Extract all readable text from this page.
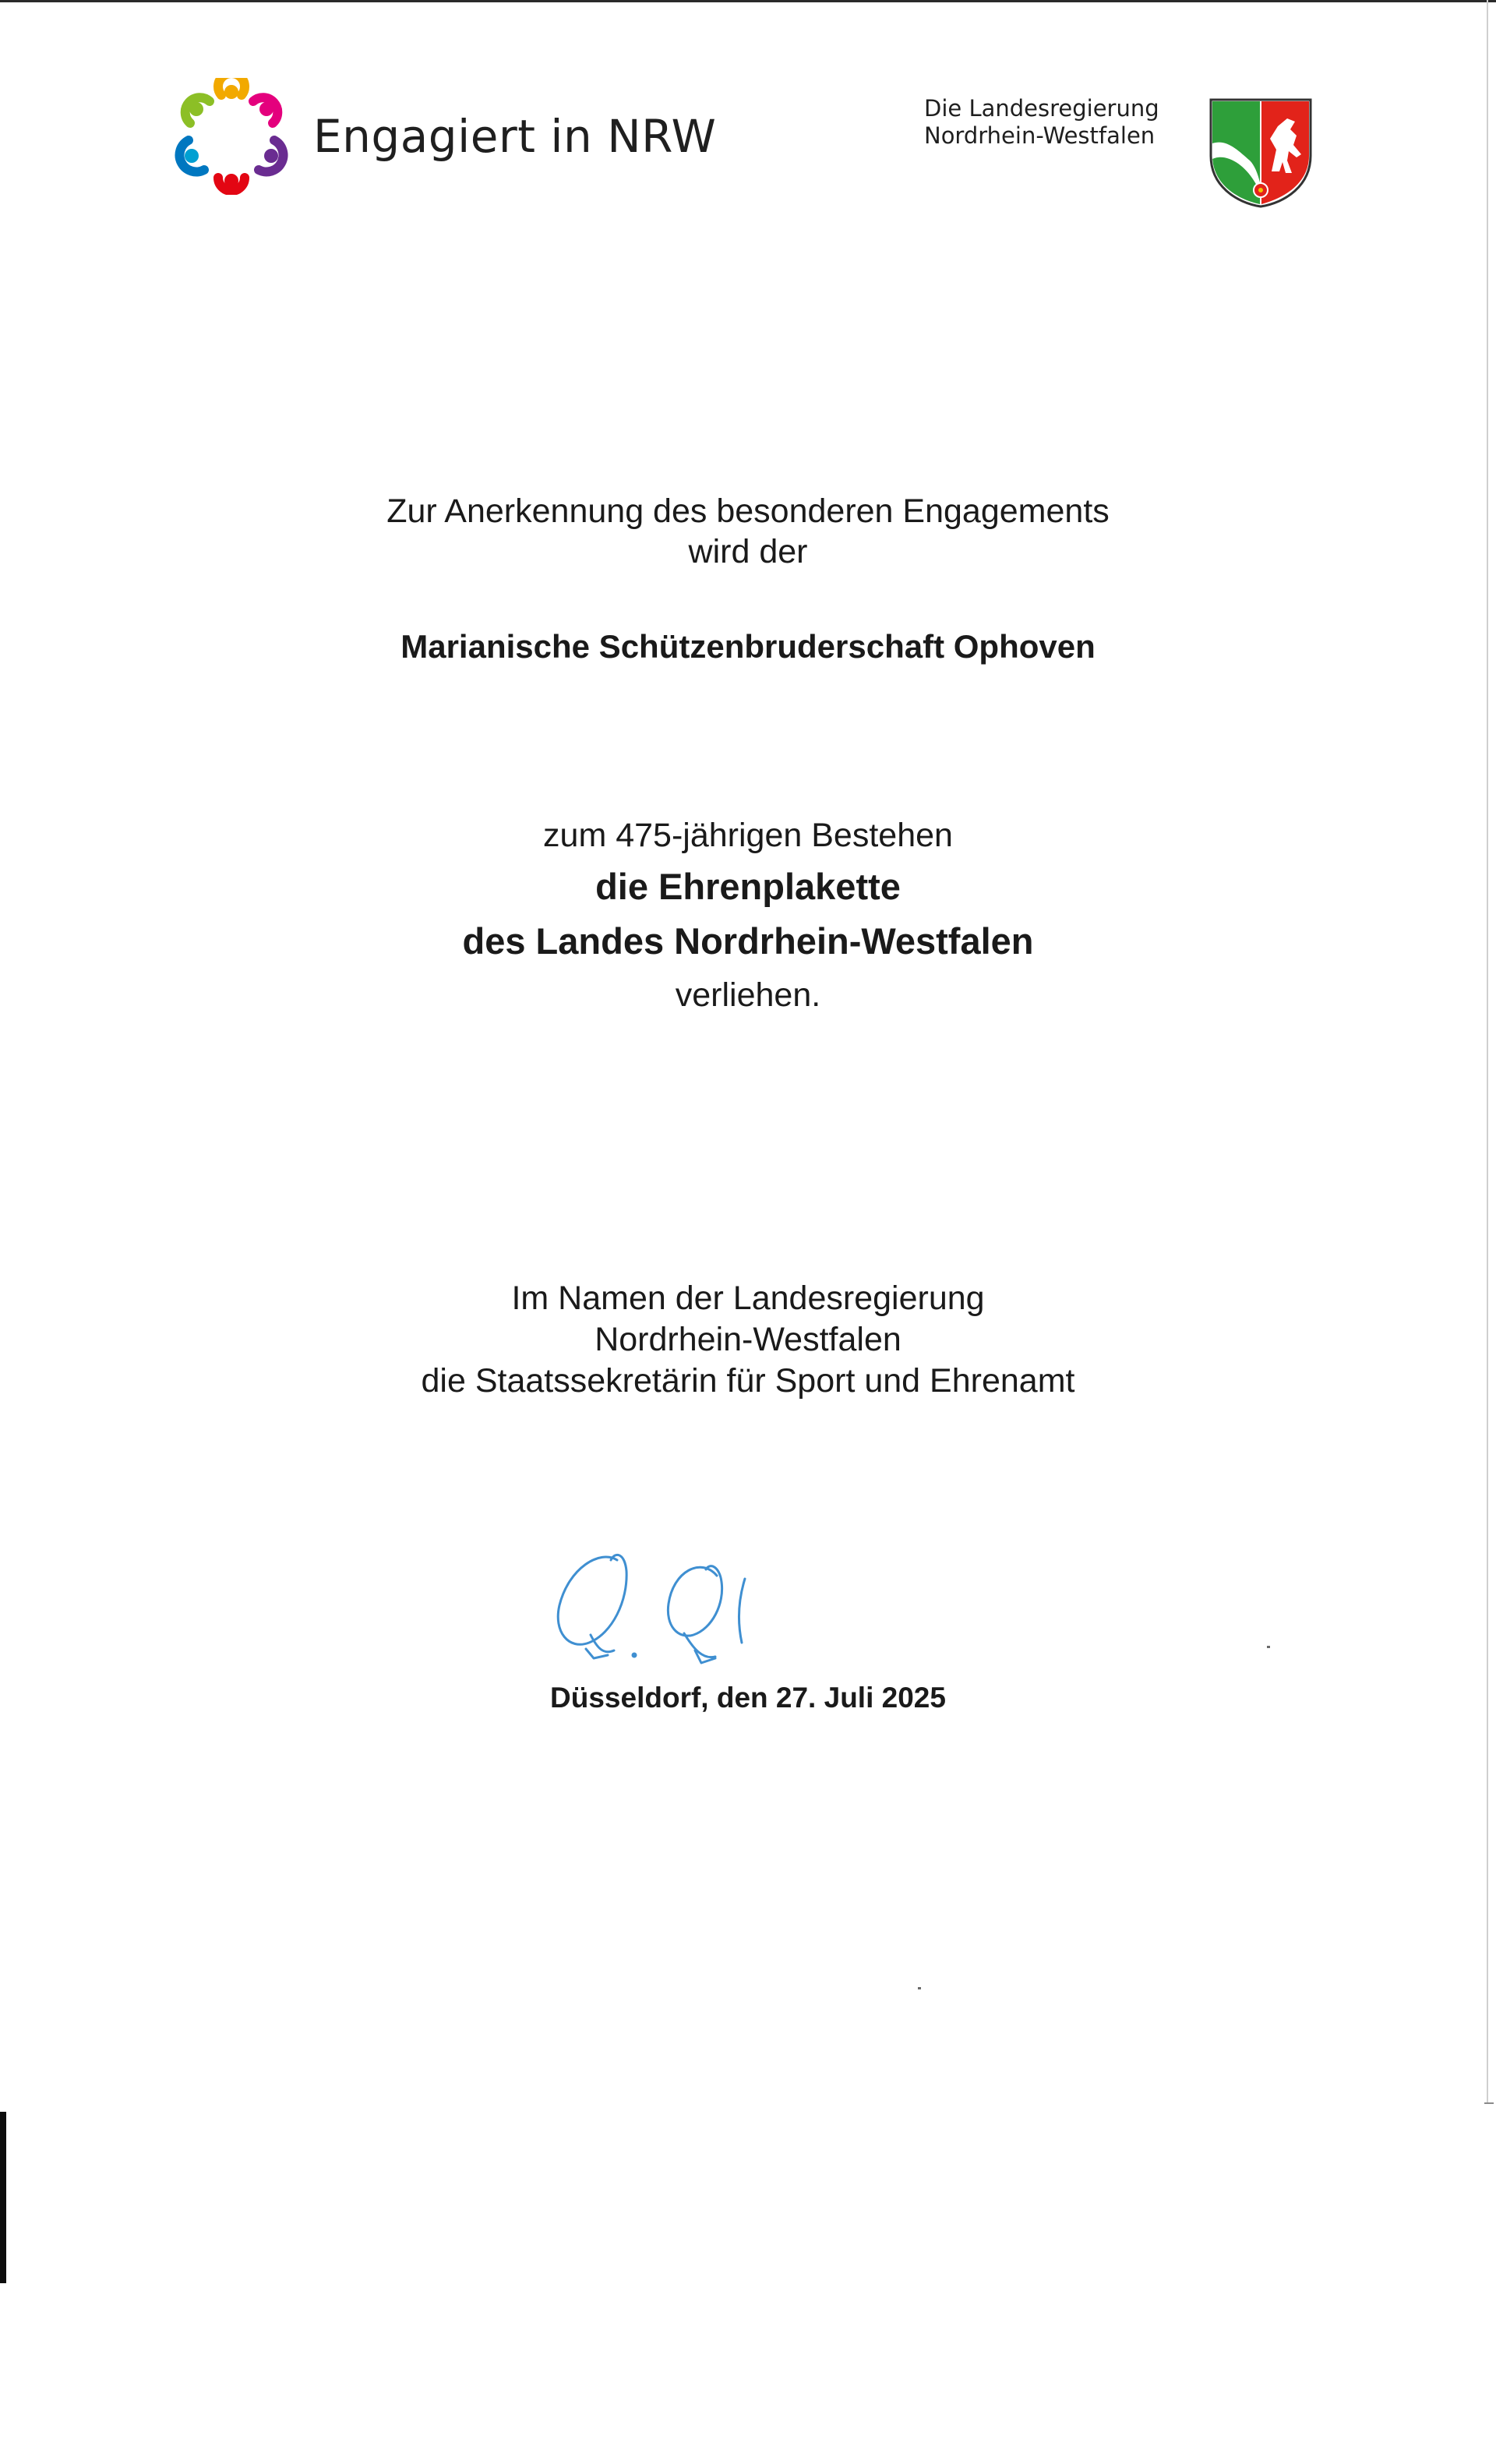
Engagiert in NRW
Die Landesregierung
Nordrhein-Westfalen
Zur Anerkennung des besonderen Engagements
wird der
Marianische Schützenbruderschaft Ophoven
zum 475-jährigen Bestehen
die Ehrenplakette
des Landes Nordrhein-Westfalen
verliehen.
Im Namen der Landesregierung
Nordrhein-Westfalen
die Staatssekretärin für Sport und Ehrenamt
Düsseldorf, den 27. Juli 2025
